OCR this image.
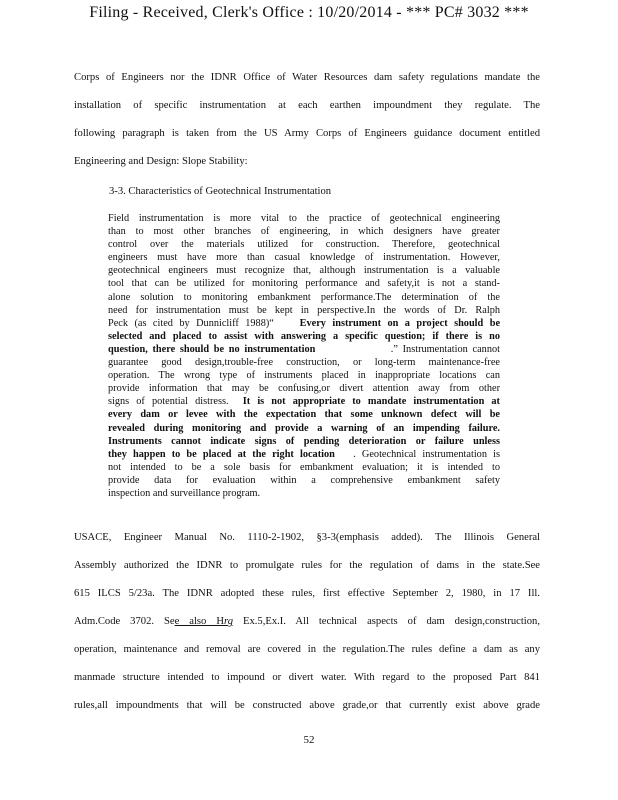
Filing - Received, Clerk's Office : 10/20/2014 - *** PC# 3032 ***
Corps of Engineers nor the IDNR Office of Water Resources dam safety regulations mandate the
installation of specific instrumentation at each earthen impoundment they regulate. The
following paragraph is taken from the US Army Corps of Engineers guidance document entitled
Engineering and Design: Slope Stability:
3-3. Characteristics of Geotechnical Instrumentation
Field instrumentation is more vital to the practice of geotechnical engineering
than to most other branches of engineering, in which designers have greater
control over the materials utilized for construction. Therefore, geotechnical
engineers must have more than casual knowledge of instrumentation. However,
geotechnical engineers must recognize that, although instrumentation is a valuable
tool that can be utilized for monitoring performance and safety,it is not a stand-
alone solution to monitoring embankment performance.The determination of the
need for instrumentation must be kept in perspective.In the words of Dr. Ralph
Peck (as cited by Dunnicliff 1988)“	Every instrument on a project should be
selected and placed to assist with answering a specific question; if there is no
question, there should be no instrumentation	.” Instrumentation cannot
guarantee good design,trouble-free construction, or long-term maintenance-free
operation. The wrong type of instruments placed in inappropriate locations can
provide information that may be confusing,or divert attention away from other
signs of potential distress. It is not appropriate to mandate instrumentation at
every dam or levee with the expectation that some unknown defect will be
revealed during monitoring and provide a warning of an impending failure.
Instruments cannot indicate signs of pending deterioration or failure unless
they happen to be placed at the right location . Geotechnical instrumentation is
not intended to be a sole basis for embankment evaluation; it is intended to
provide data for evaluation within a comprehensive embankment safety
inspection and surveillance program.
USACE, Engineer Manual No. 1110-2-1902, §3-3(emphasis added). The Illinois General
Assembly authorized the IDNR to promulgate rules for the regulation of dams in the state.See
615 ILCS 5/23a. The IDNR adopted these rules, first effective September 2, 1980, in 17 Ill.
Adm.Code 3702. See also Hrg Ex.5,Ex.I. All technical aspects of dam design,construction,
operation, maintenance and removal are covered in the regulation.The rules define a dam as any
manmade structure intended to impound or divert water. With regard to the proposed Part 841
rules,all impoundments that will be constructed above grade,or that currently exist above grade
52
